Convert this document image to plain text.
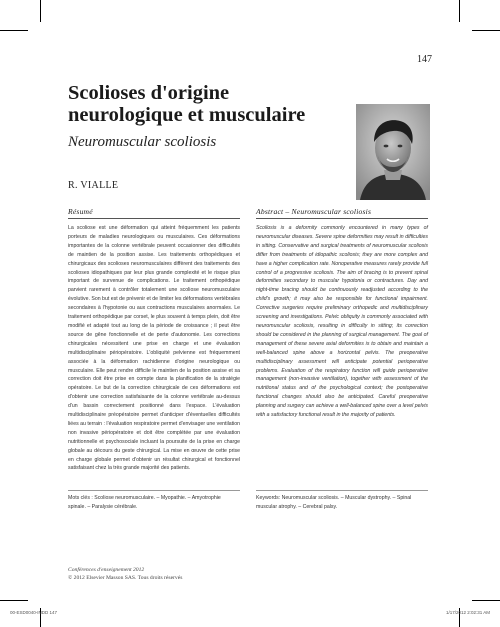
147
Scolioses d'origine neurologique et musculaire
Neuromuscular scoliosis
R. VIALLE
Résumé
La scoliose est une déformation qui atteint fréquemment les patients porteurs de maladies neurologiques ou musculaires. Ces déformations importantes de la colonne vertébrale peuvent occasionner des difficultés de maintien de la position assise. Les traitements orthopédiques et chirurgicaux des scolioses neuromusculaires diffèrent des traitements des scolioses idiopathiques par leur plus grande complexité et le risque plus important de survenue de complications. Le traitement orthopédique parvient rarement à contrôler totalement une scoliose neuromusculaire évolutive. Son but est de prévenir et de limiter les déformations vertébrales secondaires à l'hypotonie ou aux contractions musculaires anormales. Le traitement orthopédique par corset, le plus souvent à temps plein, doit être modifié et adapté tout au long de la période de croissance ; il peut être source de gêne fonctionnelle et de perte d'autonomie. Les corrections chirurgicales nécessitent une prise en charge et une évaluation multidisciplinaire périopératoire. L'obliquité pelvienne est fréquemment associée à la déformation rachidienne d'origine neurologique ou musculaire. Elle peut rendre difficile le maintien de la position assise et sa correction doit être prise en compte dans la planification de la stratégie opératoire. Le but de la correction chirurgicale de ces déformations est d'obtenir une correction satisfaisante de la colonne vertébrale au-dessus d'un bassin correctement positionné dans l'espace. L'évaluation multidisciplinaire préopératoire permet d'anticiper d'éventuelles difficultés liées au terrain : l'évaluation respiratoire permet d'envisager une ventilation non invasive périopératoire et doit être complétée par une évaluation nutritionnelle et psychosociale incluant la poursuite de la prise en charge globale au décours du geste chirurgical. La mise en œuvre de cette prise en charge globale permet d'obtenir un résultat chirurgical et fonctionnel satisfaisant chez la très grande majorité des patients.
Abstract – Neuromuscular scoliosis
Scoliosis is a deformity commonly encountered in many types of neuromuscular diseases. Severe spine deformities may result in difficulties in sitting. Conservative and surgical treatments of neuromuscular scoliosis differ from treatments of idiopathic scoliosis; they are more complex and have a higher complication rate. Nonoperative measures rarely provide full control of a progressive scoliosis. The aim of bracing is to prevent spinal deformities secondary to muscular hypotonia or contractures. Day and night-time bracing should be continuously readjusted according to the child's growth; it may also be responsible for functional impairment. Corrective surgeries require preliminary orthopedic and multidisciplinary screening and investigations. Pelvic obliquity is commonly associated with neuromuscular scoliosis, resulting in difficulty in sitting; its correction should be considered in the planning of surgical management. The goal of management of these severe axial deformities is to obtain and maintain a well-balanced spine above a horizontal pelvis. The preoperative multidisciplinary assessment will anticipate potential perioperative problems. Evaluation of the respiratory function will guide perioperative management (non-invasive ventilation), together with assessment of the nutritional status and of the psychological context; the postoperative functional changes should also be anticipated. Careful preoperative planning and surgery can achieve a well-balanced spine over a level pelvis with a satisfactory functional result in the majority of patients.
Mots clés : Scoliose neuromusculaire. – Myopathie. – Amyotrophie spinale. – Paralysie cérébrale.
Keywords: Neuromuscular scoliosis. – Muscular dystrophy. – Spinal muscular atrophy. – Cerebral palsy.
Conférences d'enseignement 2012
© 2012 Elsevier Masson SAS. Tous droits réservés
00-ESD0040-INDD 147	1/17/2012 2:02:31 AM
